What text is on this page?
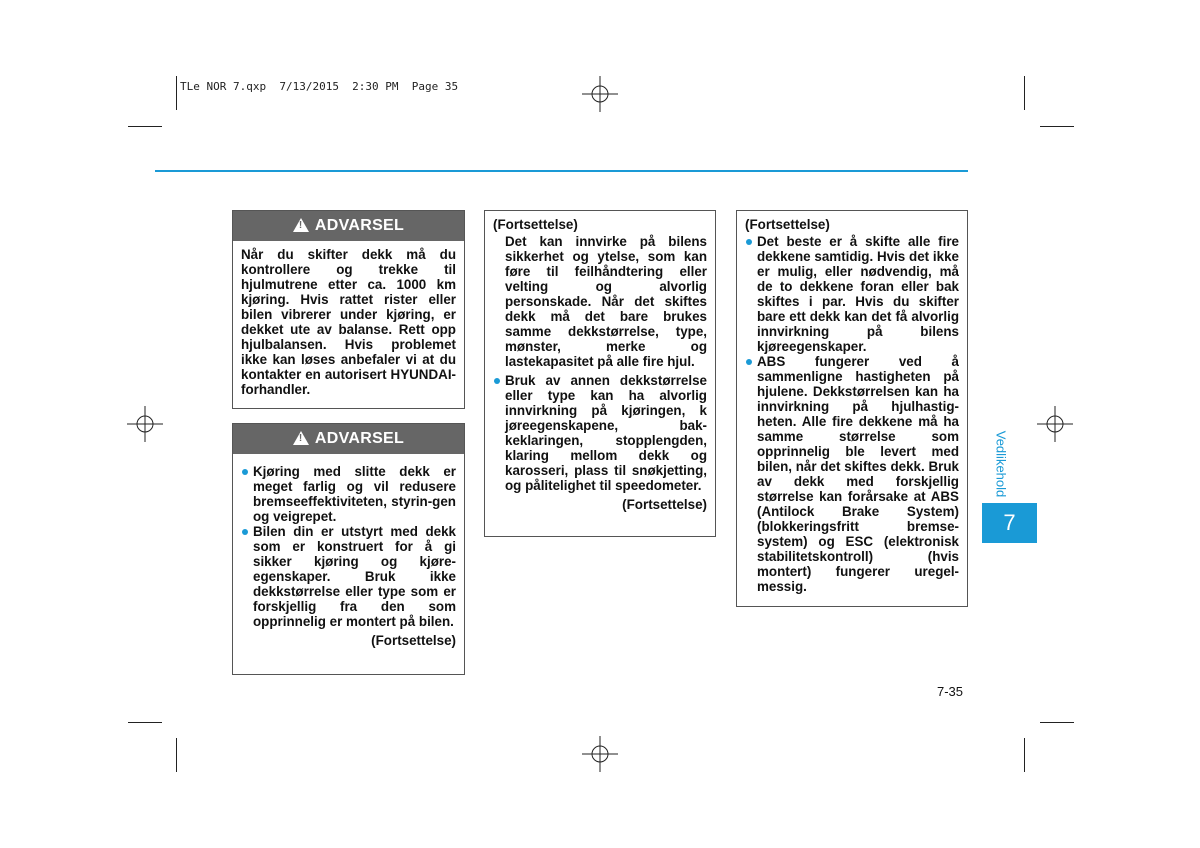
TLe NOR 7.qxp  7/13/2015  2:30 PM  Page 35
!
ADVARSEL

Når du skifter dekk må du kontrollere og trekke til hjulmutrene etter ca. 1000 km kjøring. Hvis rattet rister eller bilen vibrerer under kjøring, er dekket ute av balanse. Rett opp hjulbalansen. Hvis problemet ikke kan løses anbefaler vi at du kontakter en autorisert HYUNDAI-forhandler.

!
ADVARSEL

Kjøring med slitte dekk er meget farlig og vil redusere bremseeffektiviteten, styrin-gen og veigrepet.

Bilen din er utstyrt med dekk som er konstruert for å gi sikker kjøring og kjøre-egenskaper. Bruk ikke dekkstørrelse eller type som er forskjellig fra den som opprinnelig er montert på bilen.

(Fortsettelse)
(Fortsettelse)

Det kan innvirke på bilens sikkerhet og ytelse, som kan føre til feilhåndtering eller velting og alvorlig personskade. Når det skiftes dekk må det bare brukes samme dekkstørrelse, type, mønster, merke og lastekapasitet på alle fire hjul.

Bruk av annen dekkstørrelse eller type kan ha alvorlig innvirkning på kjøringen, k jøreegenskapene, bak-keklaringen, stopplengden, klaring mellom dekk og karosseri, plass til snøkjetting, og pålitelighet til speedometer.

(Fortsettelse)
(Fortsettelse)

Det beste er å skifte alle fire dekkene samtidig. Hvis det ikke er mulig, eller nødvendig, må de to dekkene foran eller bak skiftes i par. Hvis du skifter bare ett dekk kan det få alvorlig innvirkning på bilens kjøreegenskaper.

ABS fungerer ved å sammenligne hastigheten på hjulene. Dekkstørrelsen kan ha innvirkning på hjulhastig-heten. Alle fire dekkene må ha samme størrelse som opprinnelig ble levert med bilen, når det skiftes dekk. Bruk av dekk med forskjellig størrelse kan forårsake at ABS (Antilock Brake System) (blokkeringsfritt bremse-system) og ESC (elektronisk stabilitetskontroll) (hvis montert) fungerer uregel-messig.

Vedlikehold
7
7-35
